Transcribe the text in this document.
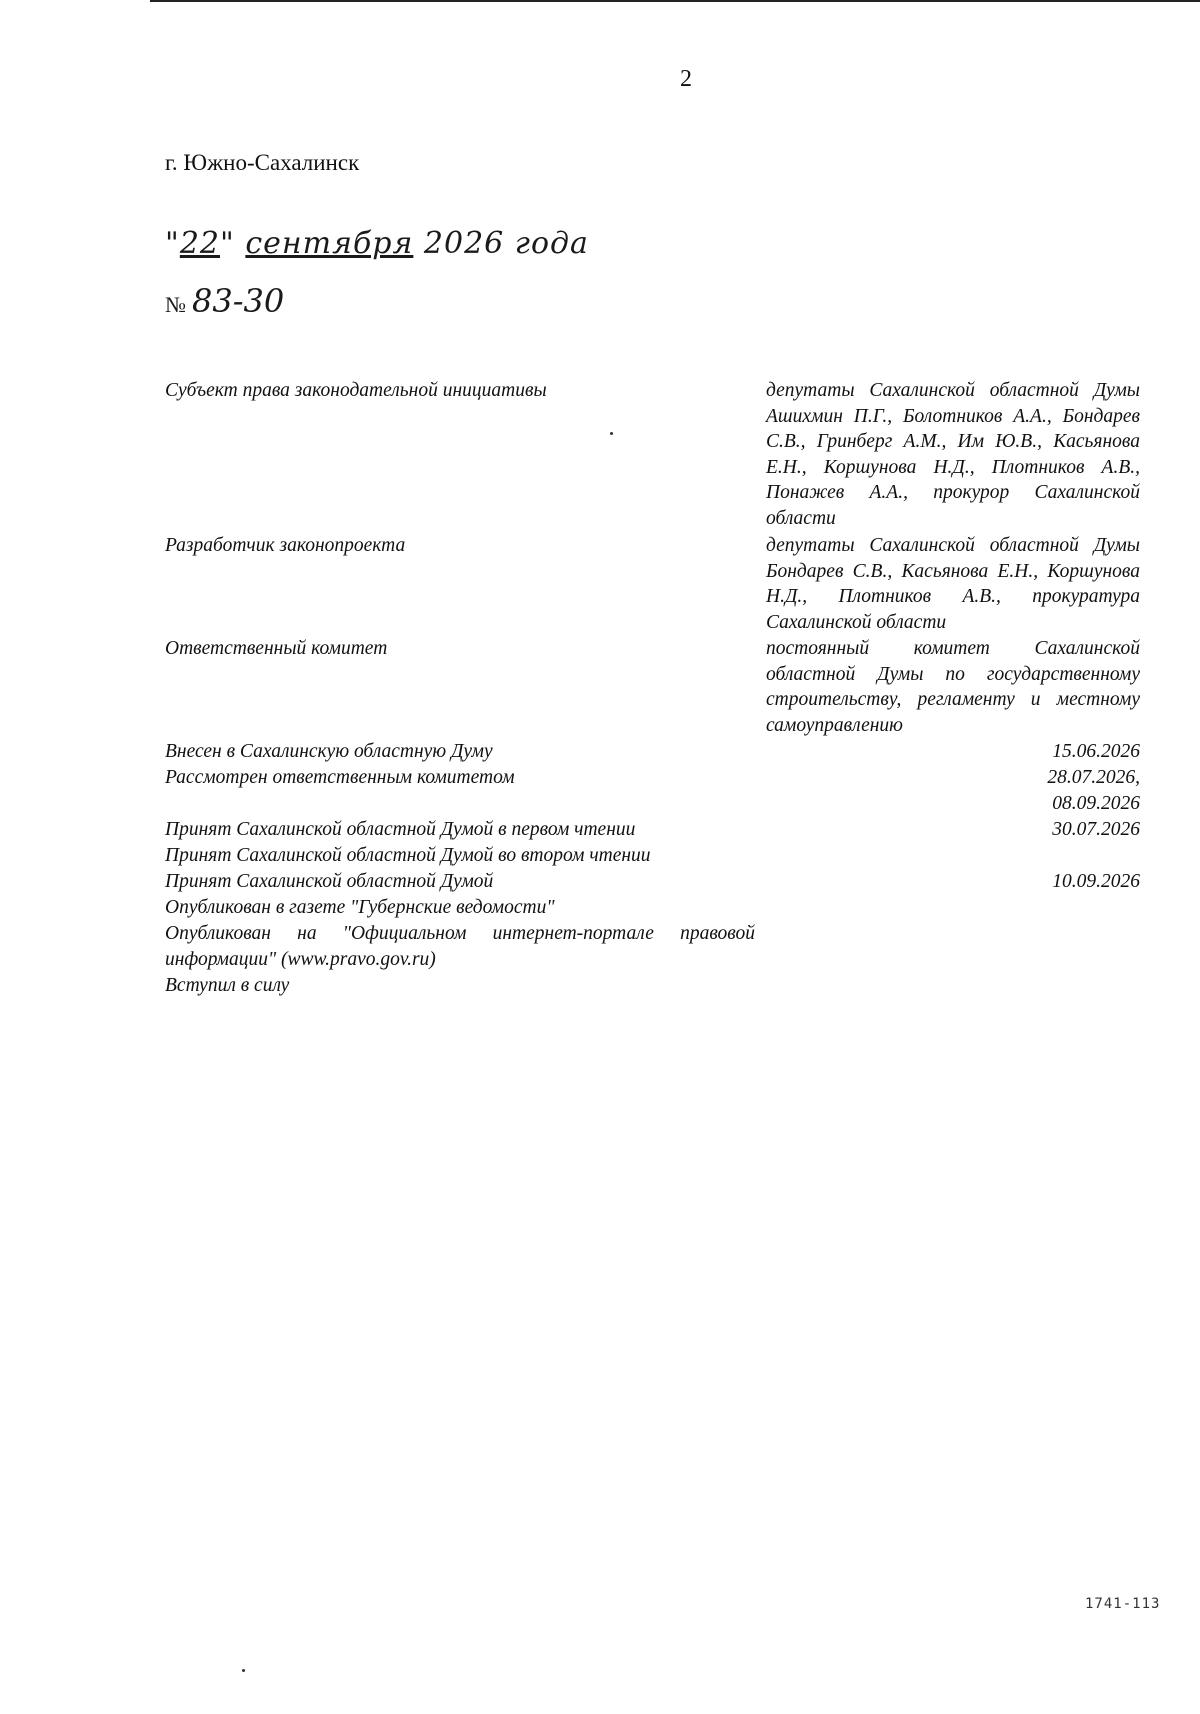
2
г. Южно-Сахалинск
"22" сентября 2026 года
№ 83-30
Субъект права законодательной инициативы	депутаты Сахалинской областной Думы Ашихмин П.Г., Болотников А.А., Бондарев С.В., Гринберг А.М., Им Ю.В., Касьянова Е.Н., Коршунова Н.Д., Плотников А.В., Понажев А.А., прокурор Сахалинской области
Разработчик законопроекта	депутаты Сахалинской областной Думы Бондарев С.В., Касьянова Е.Н., Коршунова Н.Д., Плотников А.В., прокуратура Сахалинской области
Ответственный комитет	постоянный комитет Сахалинской областной Думы по государственному строительству, регламенту и местному самоуправлению
Внесен в Сахалинскую областную Думу	15.06.2026
Рассмотрен ответственным комитетом	28.07.2026,
08.09.2026
Принят Сахалинской областной Думой в первом чтении	30.07.2026
Принят Сахалинской областной Думой во втором чтении
Принят Сахалинской областной Думой	10.09.2026
Опубликован в газете "Губернские ведомости"
Опубликован на "Официальном интернет-портале правовой информации" (www.pravo.gov.ru)
Вступил в силу
1741-113
